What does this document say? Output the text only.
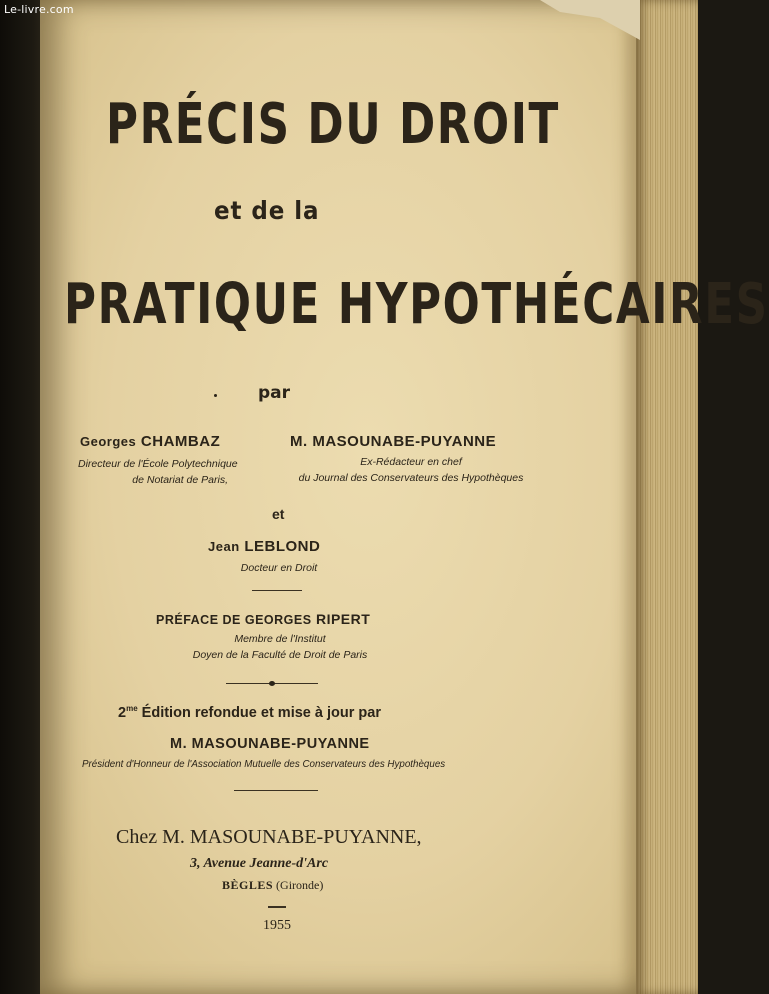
Le-livre.com
PRÉCIS DU DROIT
et de la
PRATIQUE HYPOTHÉCAIRES
par
Georges CHAMBAZ
Directeur de l'École Polytechnique
de Notariat de Paris,
M. MASOUNABE-PUYANNE
Ex-Rédacteur en chef
du Journal des Conservateurs des Hypothèques
et
Jean LEBLOND
Docteur en Droit
PRÉFACE DE GEORGES RIPERT
Membre de l'Institut
Doyen de la Faculté de Droit de Paris
$2^{me}$ Édition refondue et mise à jour par
M. MASOUNABE-PUYANNE
Président d'Honneur de l'Association Mutuelle des Conservateurs des Hypothèques
Chez M. MASOUNABE-PUYANNE,
3, Avenue Jeanne-d'Arc
BÈGLES (Gironde)
1955
